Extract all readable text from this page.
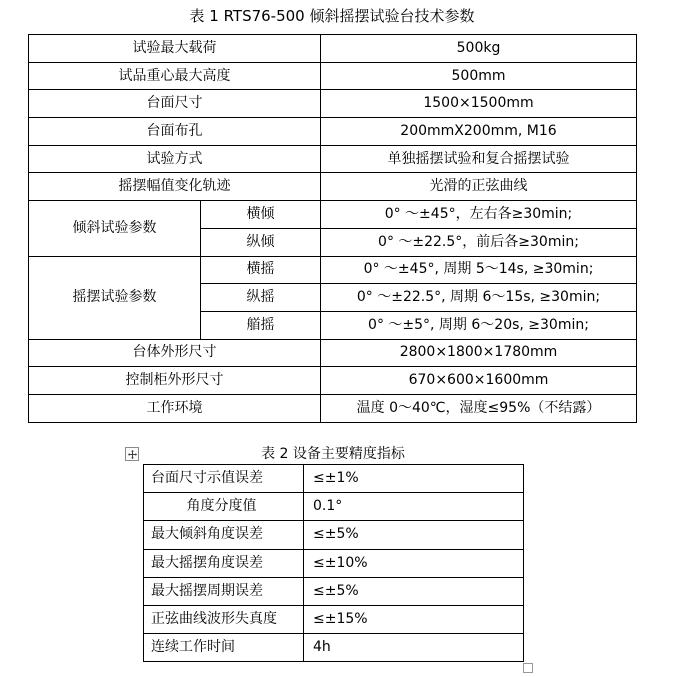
表 1 RTS76-500 倾斜摇摆试验台技术参数
试验最大载荷		500kg
试品重心最大高度		500mm
台面尺寸		1500×1500mm
台面布孔		200mmX200mm, M16
试验方式		单独摇摆试验和复合摇摆试验
摇摆幅值变化轨迹		光滑的正弦曲线
倾斜试验参数	横倾	0° ～±45°，左右各≥30min;
	纵倾	0° ～±22.5°，前后各≥30min;
摇摆试验参数	横摇	0° ～±45°, 周期 5～14s, ≥30min;
	纵摇	0° ～±22.5°, 周期 6～15s, ≥30min;
	艏摇	0° ～±5°, 周期 6～20s, ≥30min;
台体外形尺寸		2800×1800×1780mm
控制柜外形尺寸		670×600×1600mm
工作环境		温度 0～40℃，湿度≤95%（不结露）
表 2 设备主要精度指标
台面尺寸示值误差	≤±1%
角度分度值	0.1°
最大倾斜角度误差	≤±5%
最大摇摆角度误差	≤±10%
最大摇摆周期误差	≤±5%
正弦曲线波形失真度	≤±15%
连续工作时间	4h
